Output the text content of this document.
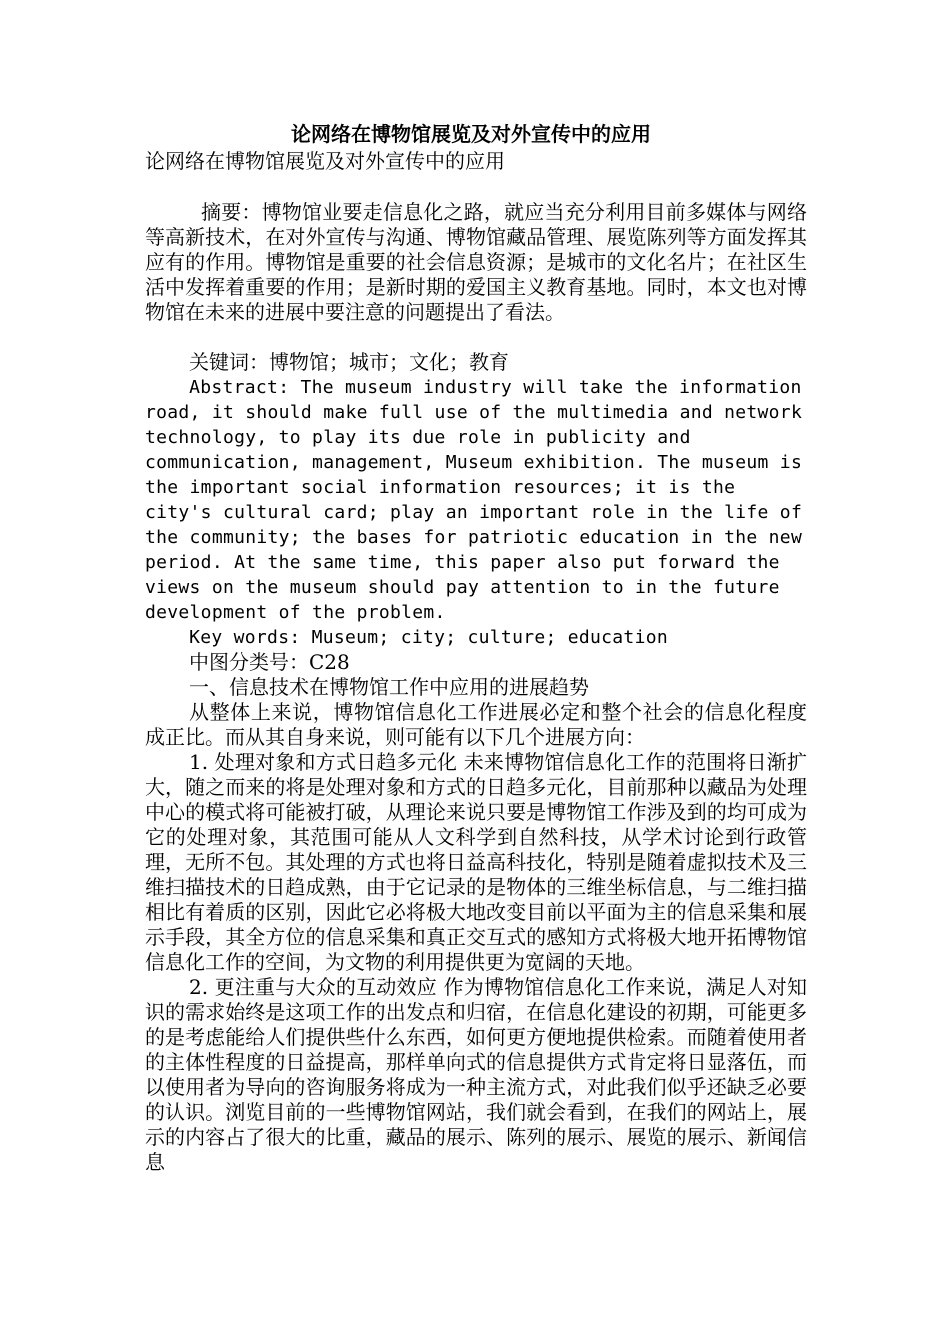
论网络在博物馆展览及对外宣传中的应用
论网络在博物馆展览及对外宣传中的应用
摘要：博物馆业要走信息化之路，就应当充分利用目前多媒体与网络等高新技术，在对外宣传与沟通、博物馆藏品管理、展览陈列等方面发挥其应有的作用。博物馆是重要的社会信息资源；是城市的文化名片；在社区生活中发挥着重要的作用；是新时期的爱国主义教育基地。同时，本文也对博物馆在未来的进展中要注意的问题提出了看法。
关键词：博物馆；城市；文化；教育
Abstract: The museum industry will take the information road, it should make full use of the multimedia and network technology, to play its due role in publicity and communication, management, Museum exhibition. The museum is the important social information resources; it is the city's cultural card; play an important role in the life of the community; the bases for patriotic education in the new period. At the same time, this paper also put forward the views on the museum should pay attention to in the future development of the problem.
Key words: Museum; city; culture; education
中图分类号：C28
一、信息技术在博物馆工作中应用的进展趋势
从整体上来说，博物馆信息化工作进展必定和整个社会的信息化程度成正比。而从其自身来说，则可能有以下几个进展方向：
1. 处理对象和方式日趋多元化 未来博物馆信息化工作的范围将日渐扩大，随之而来的将是处理对象和方式的日趋多元化，目前那种以藏品为处理中心的模式将可能被打破，从理论来说只要是博物馆工作涉及到的均可成为它的处理对象，其范围可能从人文科学到自然科技，从学术讨论到行政管理，无所不包。其处理的方式也将日益高科技化，特别是随着虚拟技术及三维扫描技术的日趋成熟，由于它记录的是物体的三维坐标信息，与二维扫描相比有着质的区别，因此它必将极大地改变目前以平面为主的信息采集和展示手段，其全方位的信息采集和真正交互式的感知方式将极大地开拓博物馆信息化工作的空间，为文物的利用提供更为宽阔的天地。
2. 更注重与大众的互动效应 作为博物馆信息化工作来说，满足人对知识的需求始终是这项工作的出发点和归宿，在信息化建设的初期，可能更多的是考虑能给人们提供些什么东西，如何更方便地提供检索。而随着使用者的主体性程度的日益提高，那样单向式的信息提供方式肯定将日显落伍，而以使用者为导向的咨询服务将成为一种主流方式，对此我们似乎还缺乏必要的认识。浏览目前的一些博物馆网站，我们就会看到，在我们的网站上，展示的内容占了很大的比重，藏品的展示、陈列的展示、展览的展示、新闻信息
